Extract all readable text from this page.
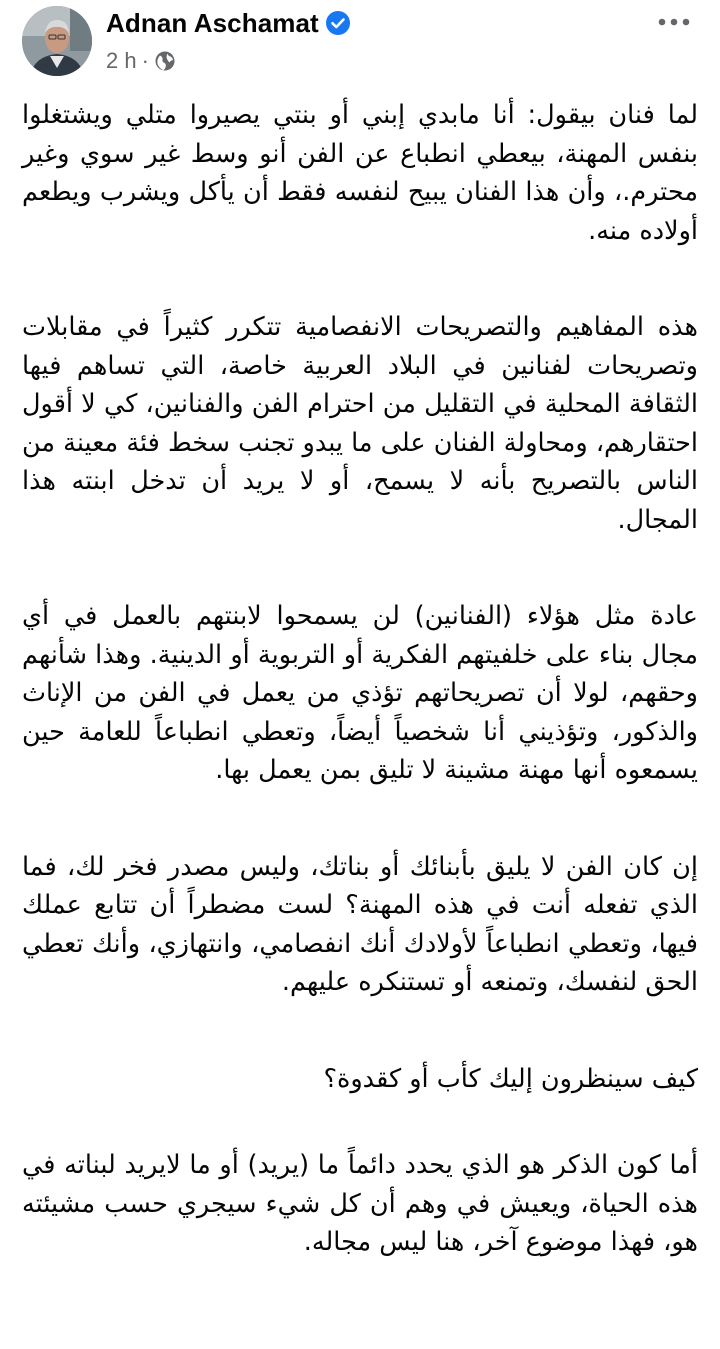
Adnan Aschamat
2 h ·

لما فنان بيقول: أنا مابدي إبني أو بنتي يصيروا متلي ويشتغلوا بنفس المهنة، بيعطي انطباع عن الفن أنو وسط غير سوي وغير محترم.، وأن هذا الفنان يبيح لنفسه فقط أن يأكل ويشرب ويطعم أولاده منه.

هذه المفاهيم والتصريحات الانفصامية تتكرر كثيراً في مقابلات وتصريحات لفنانين في البلاد العربية خاصة، التي تساهم فيها الثقافة المحلية في التقليل من احترام الفن والفنانين، كي لا أقول احتقارهم، ومحاولة الفنان على ما يبدو تجنب سخط فئة معينة من الناس بالتصريح بأنه لا يسمح، أو لا يريد أن تدخل ابنته هذا المجال.

عادة مثل هؤلاء (الفنانين) لن يسمحوا لابنتهم بالعمل في أي مجال بناء على خلفيتهم الفكرية أو التربوية أو الدينية. وهذا شأنهم وحقهم، لولا أن تصريحاتهم تؤذي من يعمل في الفن من الإناث والذكور، وتؤذيني أنا شخصياً أيضاً، وتعطي انطباعاً للعامة حين يسمعوه أنها مهنة مشينة لا تليق بمن يعمل بها.

إن كان الفن لا يليق بأبنائك أو بناتك، وليس مصدر فخر لك، فما الذي تفعله أنت في هذه المهنة؟ لست مضطراً أن تتابع عملك فيها، وتعطي انطباعاً لأولادك أنك انفصامي، وانتهازي، وأنك تعطي الحق لنفسك، وتمنعه أو تستنكره عليهم.

كيف سينظرون إليك كأب أو كقدوة؟

أما كون الذكر هو الذي يحدد دائماً ما (يريد) أو ما لايريد لبناته في هذه الحياة، ويعيش في وهم أن كل شيء سيجري حسب مشيئته هو، فهذا موضوع آخر، هنا ليس مجاله.
